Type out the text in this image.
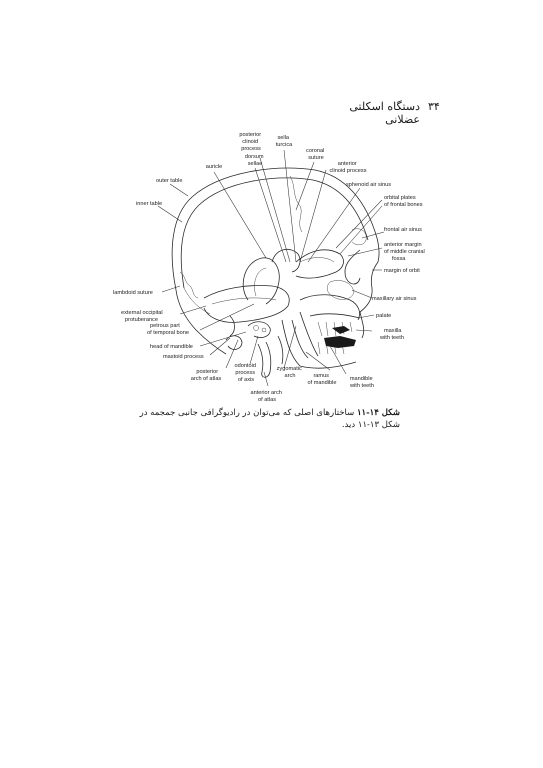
۳۴
دستگاه اسکلتی عضلانی
posterior clinoid process
sella turcica
coronal suture
dorsum sellae
auricle	anterior clinoid process
outer table
sphenoid air sinus
orbital plates of frontal bones
inner table
frontal air sinus
anterior margin of middle cranial fossa
margin of orbit
lambdoid suture
maxillary air sinus
external occipital protuberance
palate
petrous part of temporal bone	maxilla with teeth
head of mandible
mastoid process
odontoid process of axis
zygomatic arch
posterior arch of atlas	ramus of mandible
mandible with teeth
anterior arch of atlas
شکل ۱۴-۱۱ ساختارهای اصلی که می‌توان در رادیوگرافی جانبی جمجمه در شکل ۱۳-۱۱ دید.
